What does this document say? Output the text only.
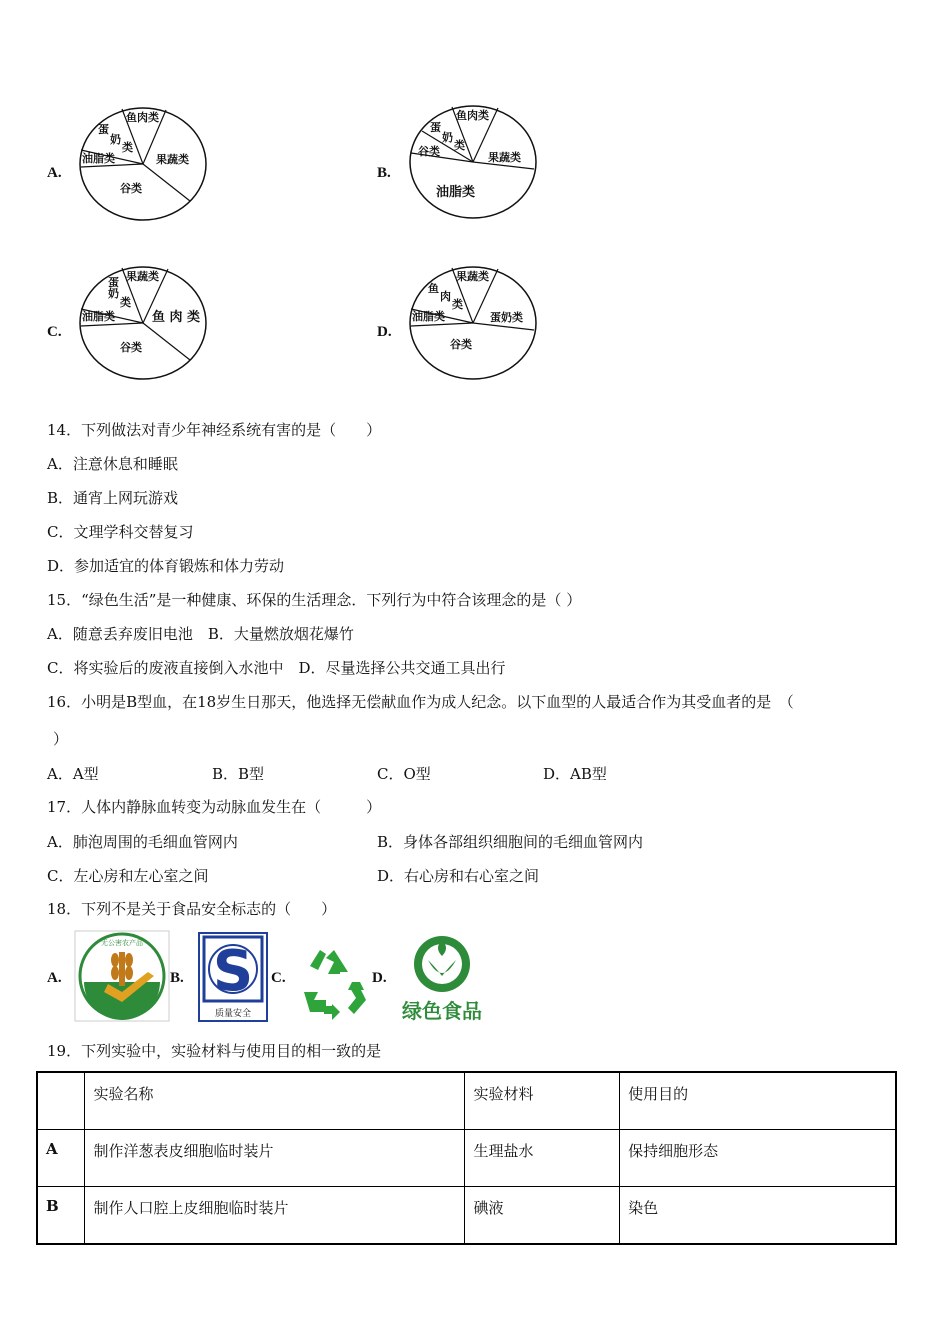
A.
鱼肉类
蛋
奶
类
油脂类	果蔬类
谷类
B.
鱼肉类
蛋
奶
类
谷类	果蔬类
油脂类
C.
果蔬类
蛋
奶
类
油脂类	鱼 肉 类
谷类
D.
果蔬类
鱼
肉
类
油脂类	蛋奶类
谷类
14．下列做法对青少年神经系统有害的是（　　）
A．注意休息和睡眠
B．通宵上网玩游戏
C．文理学科交替复习
D．参加适宜的体育锻炼和体力劳动
15．“绿色生活”是一种健康、环保的生活理念．下列行为中符合该理念的是（ ）
A．随意丢弃废旧电池　B．大量燃放烟花爆竹
C．将实验后的废液直接倒入水池中　D．尽量选择公共交通工具出行
16．小明是B型血，在18岁生日那天，他选择无偿献血作为成人纪念。以下血型的人最适合作为其受血者的是　（
）
A．A型	B．B型	C．O型	D．AB型
17．人体内静脉血转变为动脉血发生在（　　　）
A．肺泡周围的毛细血管网内	B．身体各部组织细胞间的毛细血管网内
C．左心房和左心室之间	D．右心房和右心室之间
18．下列不是关于食品安全标志的（　　）
A.
无公害农产品
B. S
质量安全
C.	D.
绿色食品
19．下列实验中，实验材料与使用目的相一致的是
	实验名称	实验材料	使用目的
A	制作洋葱表皮细胞临时装片	生理盐水	保持细胞形态
B	制作人口腔上皮细胞临时装片	碘液	染色
